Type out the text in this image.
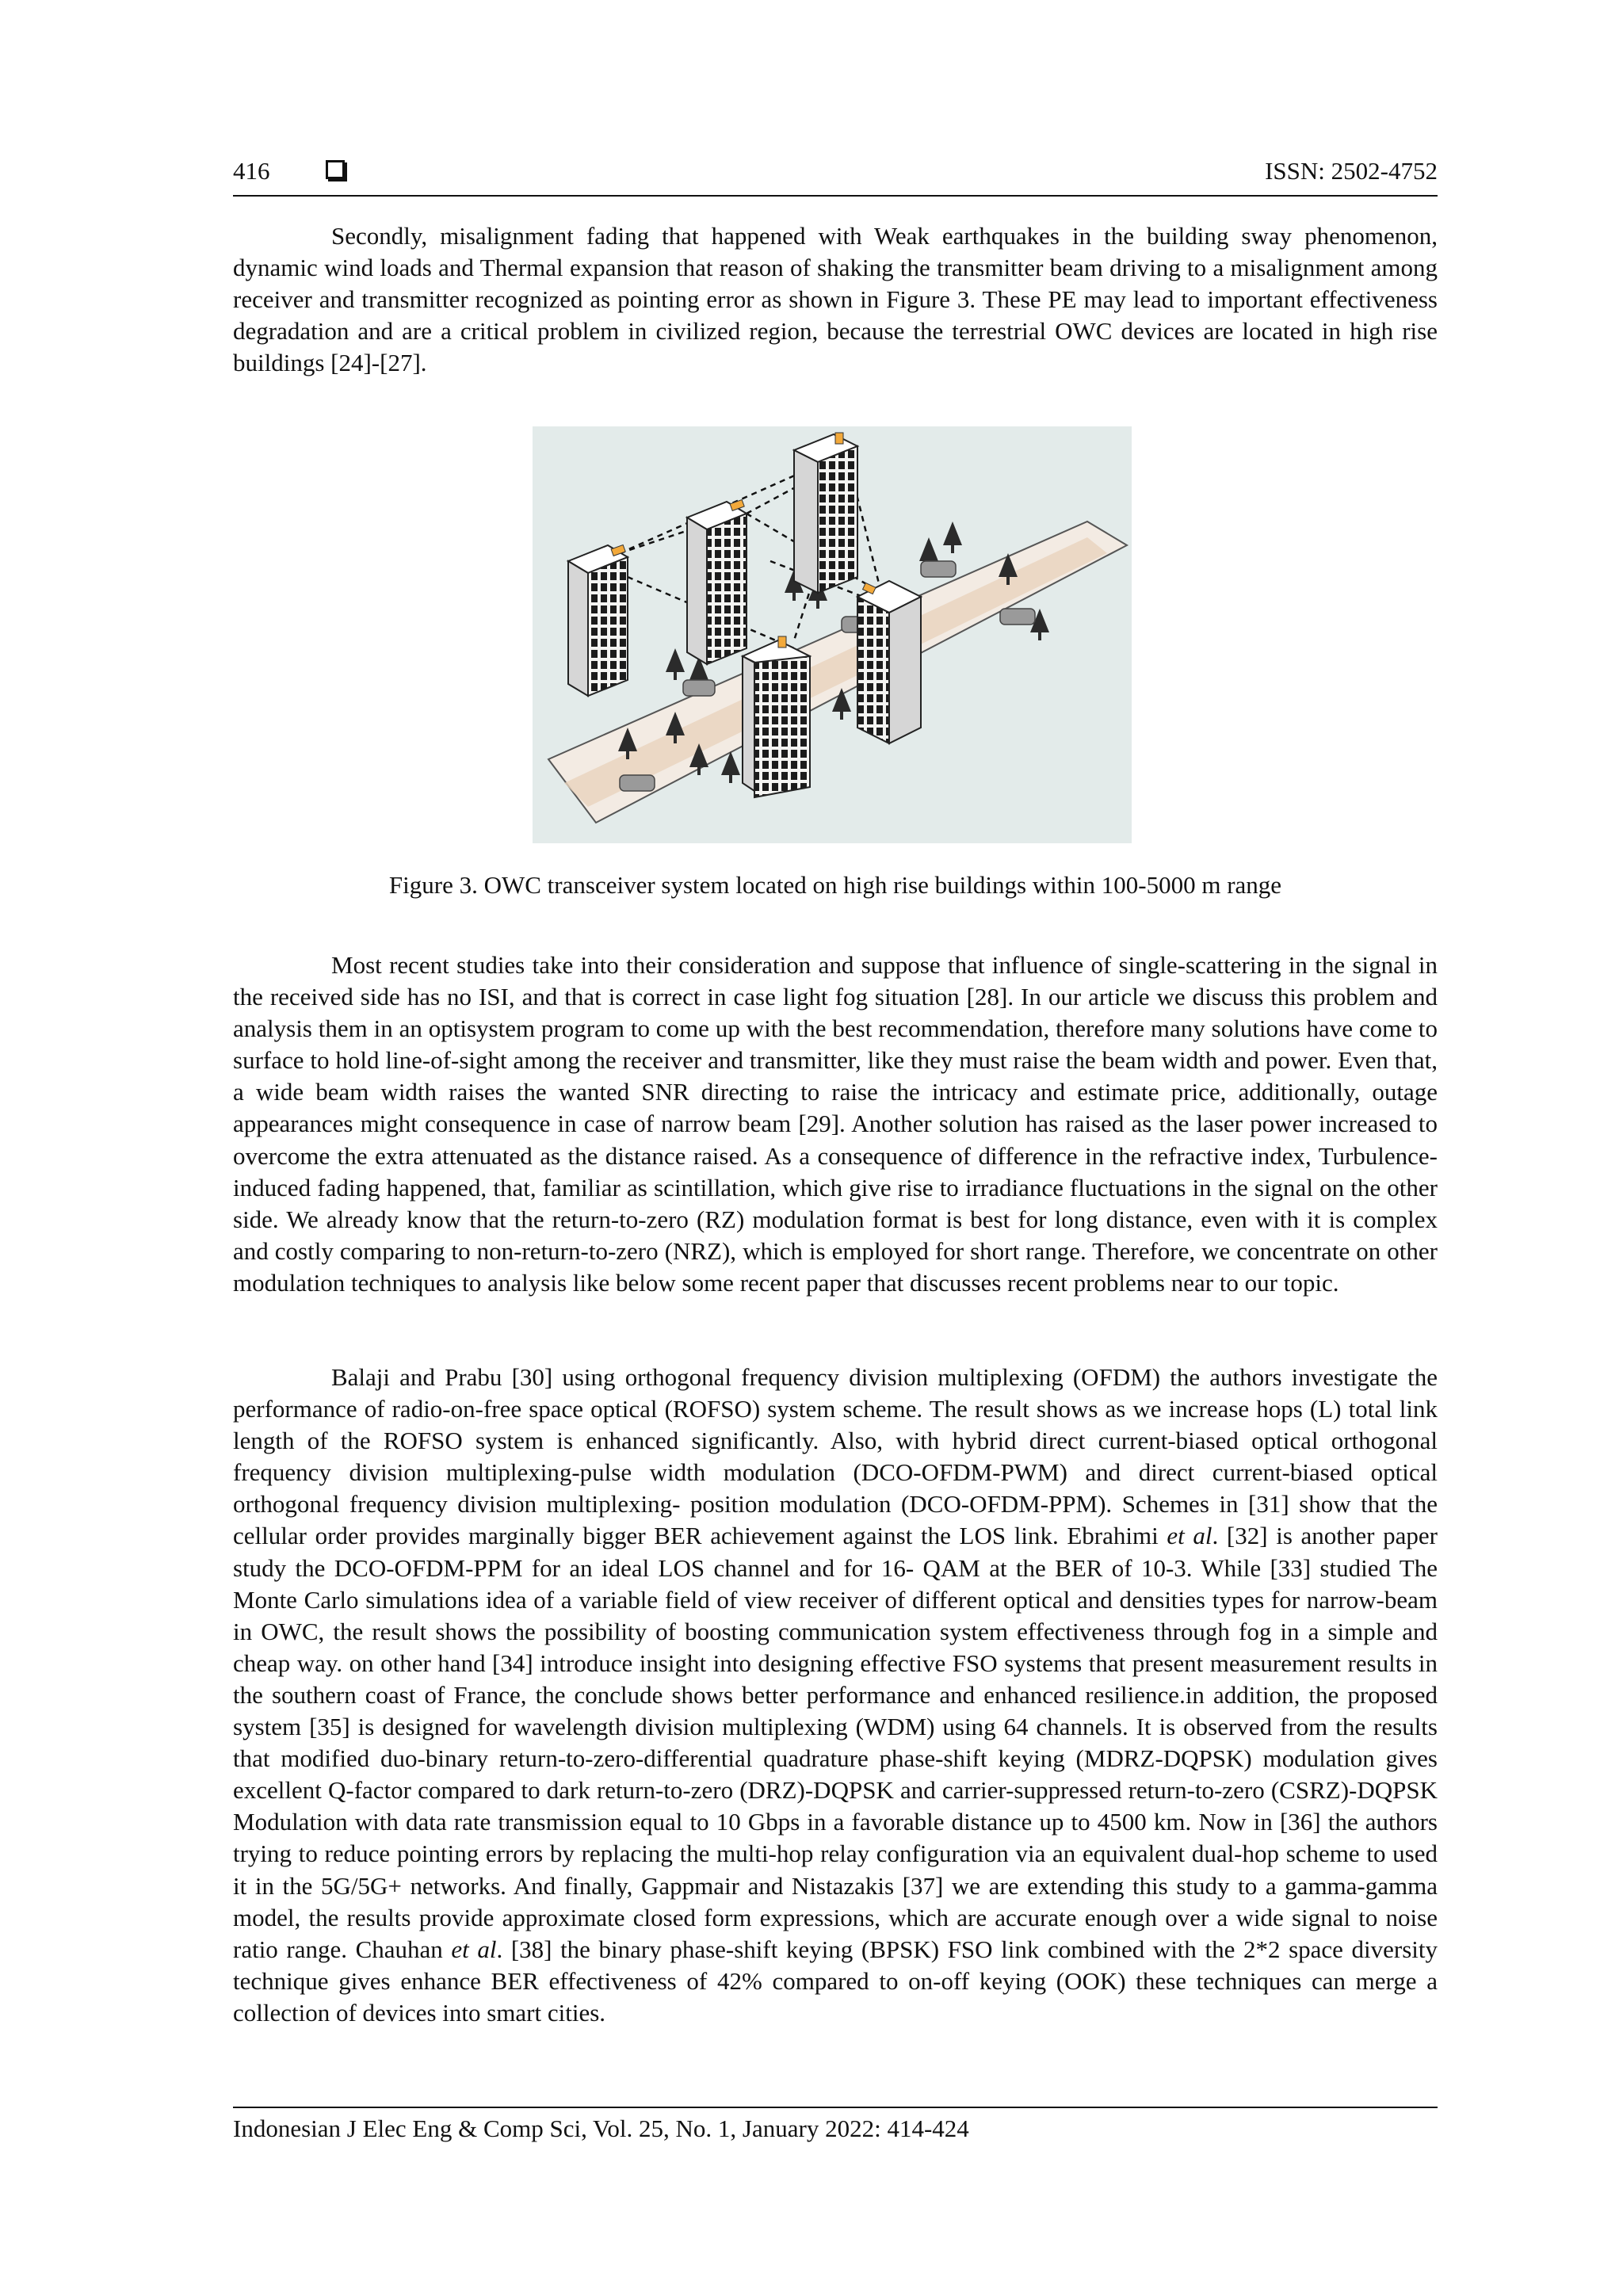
416	ISSN: 2502-4752

Secondly, misalignment fading that happened with Weak earthquakes in the building sway phenomenon, dynamic wind loads and Thermal expansion that reason of shaking the transmitter beam driving to a misalignment among receiver and transmitter recognized as pointing error as shown in Figure 3. These PE may lead to important effectiveness degradation and are a critical problem in civilized region, because the terrestrial OWC devices are located in high rise buildings [24]-[27].

Figure 3. OWC transceiver system located on high rise buildings within 100-5000 m range

Most recent studies take into their consideration and suppose that influence of single-scattering in the signal in the received side has no ISI, and that is correct in case light fog situation [28]. In our article we discuss this problem and analysis them in an optisystem program to come up with the best recommendation, therefore many solutions have come to surface to hold line-of-sight among the receiver and transmitter, like they must raise the beam width and power. Even that, a wide beam width raises the wanted SNR directing to raise the intricacy and estimate price, additionally, outage appearances might consequence in case of narrow beam [29]. Another solution has raised as the laser power increased to overcome the extra attenuated as the distance raised. As a consequence of difference in the refractive index, Turbulence-induced fading happened, that, familiar as scintillation, which give rise to irradiance fluctuations in the signal on the other side. We already know that the return-to-zero (RZ) modulation format is best for long distance, even with it is complex and costly comparing to non-return-to-zero (NRZ), which is employed for short range. Therefore, we concentrate on other modulation techniques to analysis like below some recent paper that discusses recent problems near to our topic.

Balaji and Prabu [30] using orthogonal frequency division multiplexing (OFDM) the authors investigate the performance of radio-on-free space optical (ROFSO) system scheme. The result shows as we increase hops (L) total link length of the ROFSO system is enhanced significantly. Also, with hybrid direct current-biased optical orthogonal frequency division multiplexing-pulse width modulation (DCO-OFDM-PWM) and direct current-biased optical orthogonal frequency division multiplexing- position modulation (DCO-OFDM-PPM). Schemes in [31] show that the cellular order provides marginally bigger BER achievement against the LOS link. Ebrahimi et al. [32] is another paper study the DCO-OFDM-PPM for an ideal LOS channel and for 16- QAM at the BER of 10-3. While [33] studied The Monte Carlo simulations idea of a variable field of view receiver of different optical and densities types for narrow-beam in OWC, the result shows the possibility of boosting communication system effectiveness through fog in a simple and cheap way. on other hand [34] introduce insight into designing effective FSO systems that present measurement results in the southern coast of France, the conclude shows better performance and enhanced resilience.in addition, the proposed system [35] is designed for wavelength division multiplexing (WDM) using 64 channels. It is observed from the results that modified duo-binary return-to-zero-differential quadrature phase-shift keying (MDRZ-DQPSK) modulation gives excellent Q-factor compared to dark return-to-zero (DRZ)-DQPSK and carrier-suppressed return-to-zero (CSRZ)-DQPSK Modulation with data rate transmission equal to 10 Gbps in a favorable distance up to 4500 km. Now in [36] the authors trying to reduce pointing errors by replacing the multi-hop relay configuration via an equivalent dual-hop scheme to used it in the 5G/5G+ networks. And finally, Gappmair and Nistazakis [37] we are extending this study to a gamma-gamma model, the results provide approximate closed form expressions, which are accurate enough over a wide signal to noise ratio range. Chauhan et al. [38] the binary phase-shift keying (BPSK) FSO link combined with the 2*2 space diversity technique gives enhance BER effectiveness of 42% compared to on-off keying (OOK) these techniques can merge a collection of devices into smart cities.

Indonesian J Elec Eng & Comp Sci, Vol. 25, No. 1, January 2022: 414-424
